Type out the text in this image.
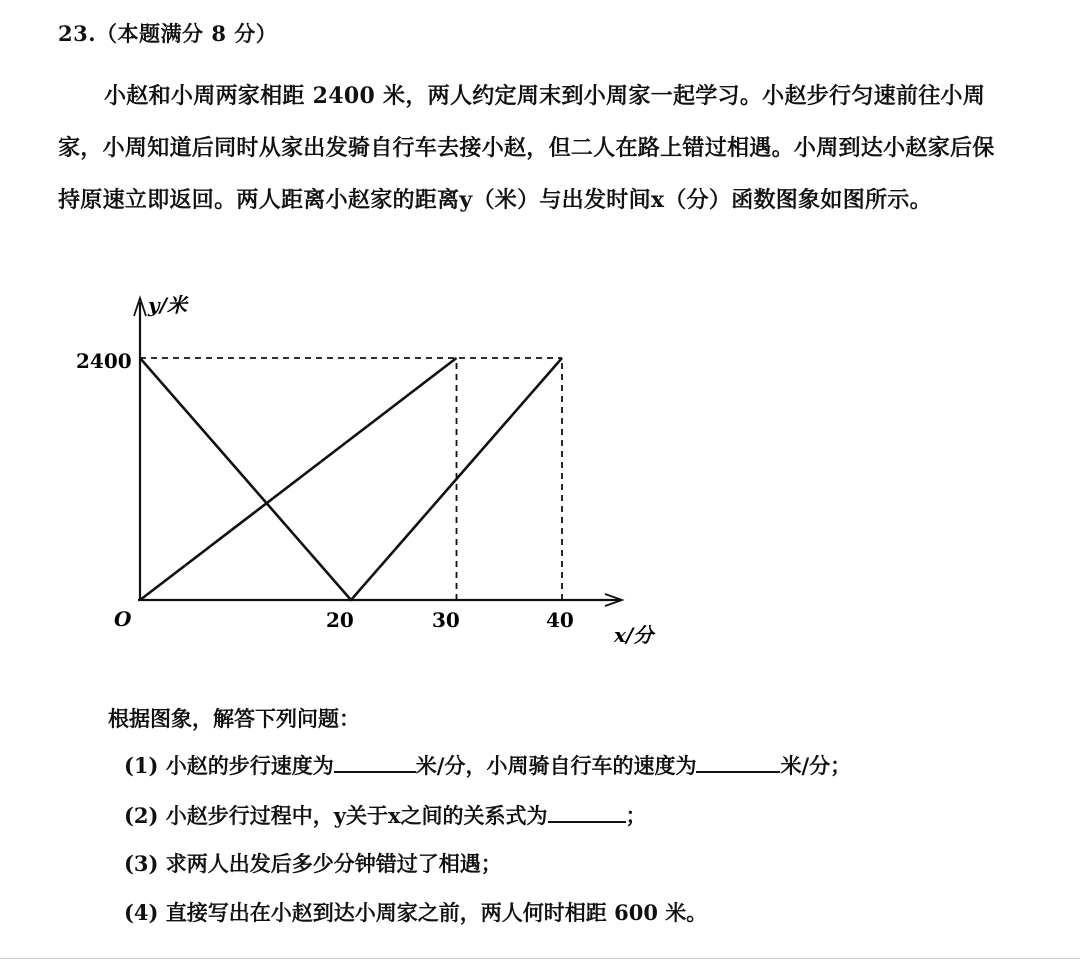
23.（本题满分 8 分）
小赵和小周两家相距 2400 米，两人约定周末到小周家一起学习。小赵步行匀速前往小周家，小周知道后同时从家出发骑自行车去接小赵，但二人在路上错过相遇。小周到达小赵家后保持原速立即返回。两人距离小赵家的距离y（米）与出发时间x（分）函数图象如图所示。
y/米
x/分
O
2400
20	30	40
根据图象，解答下列问题：
(1) 小赵的步行速度为	米/分，小周骑自行车的速度为	米/分；
(2) 小赵步行过程中，y关于x之间的关系式为	；
(3) 求两人出发后多少分钟错过了相遇；
(4) 直接写出在小赵到达小周家之前，两人何时相距 600 米。
